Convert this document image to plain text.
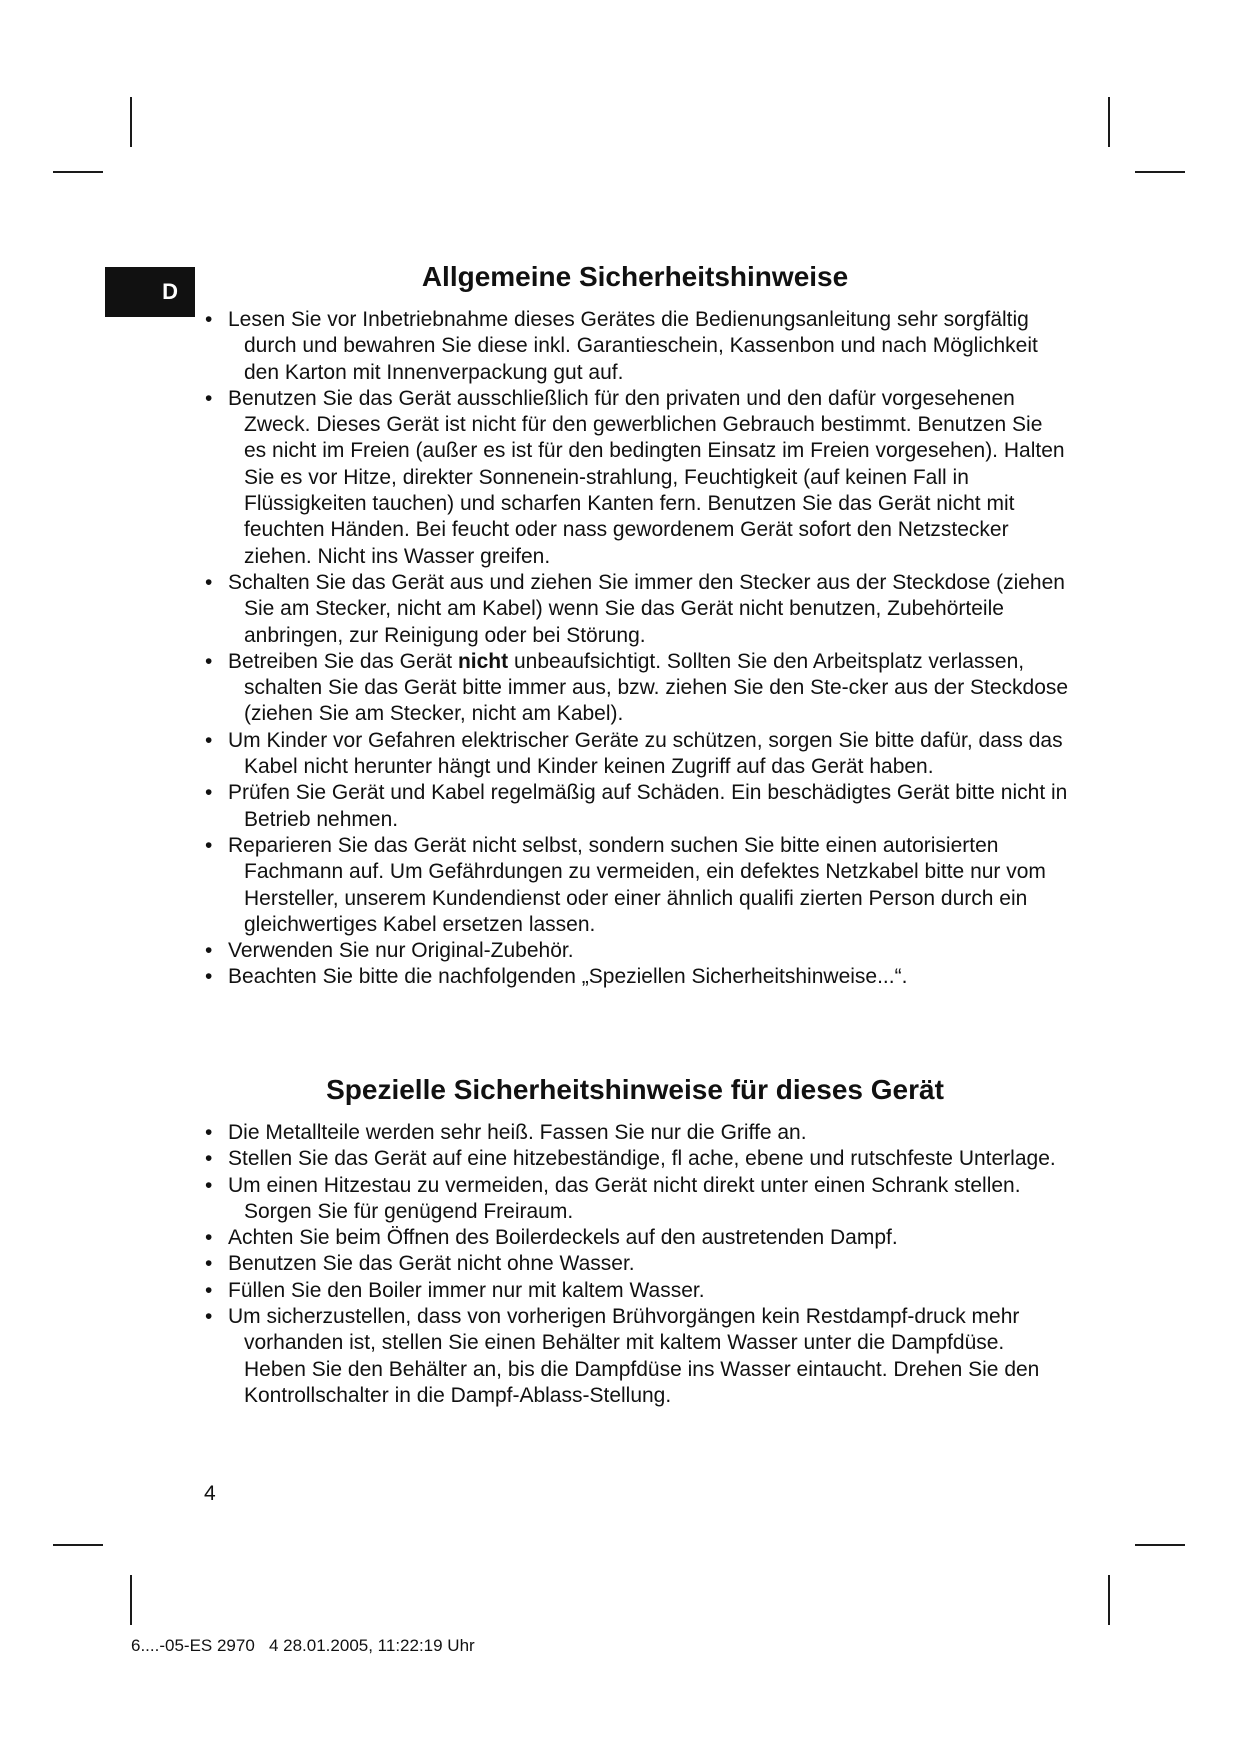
D	Allgemeine Sicherheitshinweise
• Lesen Sie vor Inbetriebnahme dieses Gerätes die Bedienungsanleitung sehr sorgfältig durch und bewahren Sie diese inkl. Garantieschein, Kassenbon und nach Möglichkeit den Karton mit Innenverpackung gut auf.
• Benutzen Sie das Gerät ausschließlich für den privaten und den dafür vorgesehenen Zweck. Dieses Gerät ist nicht für den gewerblichen Gebrauch bestimmt. Benutzen Sie es nicht im Freien (außer es ist für den bedingten Einsatz im Freien vorgesehen). Halten Sie es vor Hitze, direkter Sonnenein-strahlung, Feuchtigkeit (auf keinen Fall in Flüssigkeiten tauchen) und scharfen Kanten fern. Benutzen Sie das Gerät nicht mit feuchten Händen. Bei feucht oder nass gewordenem Gerät sofort den Netzstecker ziehen. Nicht ins Wasser greifen.
• Schalten Sie das Gerät aus und ziehen Sie immer den Stecker aus der Steckdose (ziehen Sie am Stecker, nicht am Kabel) wenn Sie das Gerät nicht benutzen, Zubehörteile anbringen, zur Reinigung oder bei Störung.
• Betreiben Sie das Gerät nicht unbeaufsichtigt. Sollten Sie den Arbeitsplatz verlassen, schalten Sie das Gerät bitte immer aus, bzw. ziehen Sie den Ste-cker aus der Steckdose (ziehen Sie am Stecker, nicht am Kabel).
• Um Kinder vor Gefahren elektrischer Geräte zu schützen, sorgen Sie bitte dafür, dass das Kabel nicht herunter hängt und Kinder keinen Zugriff auf das Gerät haben.
• Prüfen Sie Gerät und Kabel regelmäßig auf Schäden. Ein beschädigtes Gerät bitte nicht in Betrieb nehmen.
• Reparieren Sie das Gerät nicht selbst, sondern suchen Sie bitte einen autorisierten Fachmann auf. Um Gefährdungen zu vermeiden, ein defektes Netzkabel bitte nur vom Hersteller, unserem Kundendienst oder einer ähnlich qualifi zierten Person durch ein gleichwertiges Kabel ersetzen lassen.
• Verwenden Sie nur Original-Zubehör.
• Beachten Sie bitte die nachfolgenden „Speziellen Sicherheitshinweise...“.
Spezielle Sicherheitshinweise für dieses Gerät
• Die Metallteile werden sehr heiß. Fassen Sie nur die Griffe an.
• Stellen Sie das Gerät auf eine hitzebeständige, fl ache, ebene und rutschfeste Unterlage.
• Um einen Hitzestau zu vermeiden, das Gerät nicht direkt unter einen Schrank stellen. Sorgen Sie für genügend Freiraum.
• Achten Sie beim Öffnen des Boilerdeckels auf den austretenden Dampf.
• Benutzen Sie das Gerät nicht ohne Wasser.
• Füllen Sie den Boiler immer nur mit kaltem Wasser.
• Um sicherzustellen, dass von vorherigen Brühvorgängen kein Restdampf-druck mehr vorhanden ist, stellen Sie einen Behälter mit kaltem Wasser unter die Dampfdüse. Heben Sie den Behälter an, bis die Dampfdüse ins Wasser eintaucht. Drehen Sie den Kontrollschalter in die Dampf-Ablass-Stellung.
4
6....-05-ES 2970   4 28.01.2005, 11:22:19 Uhr
